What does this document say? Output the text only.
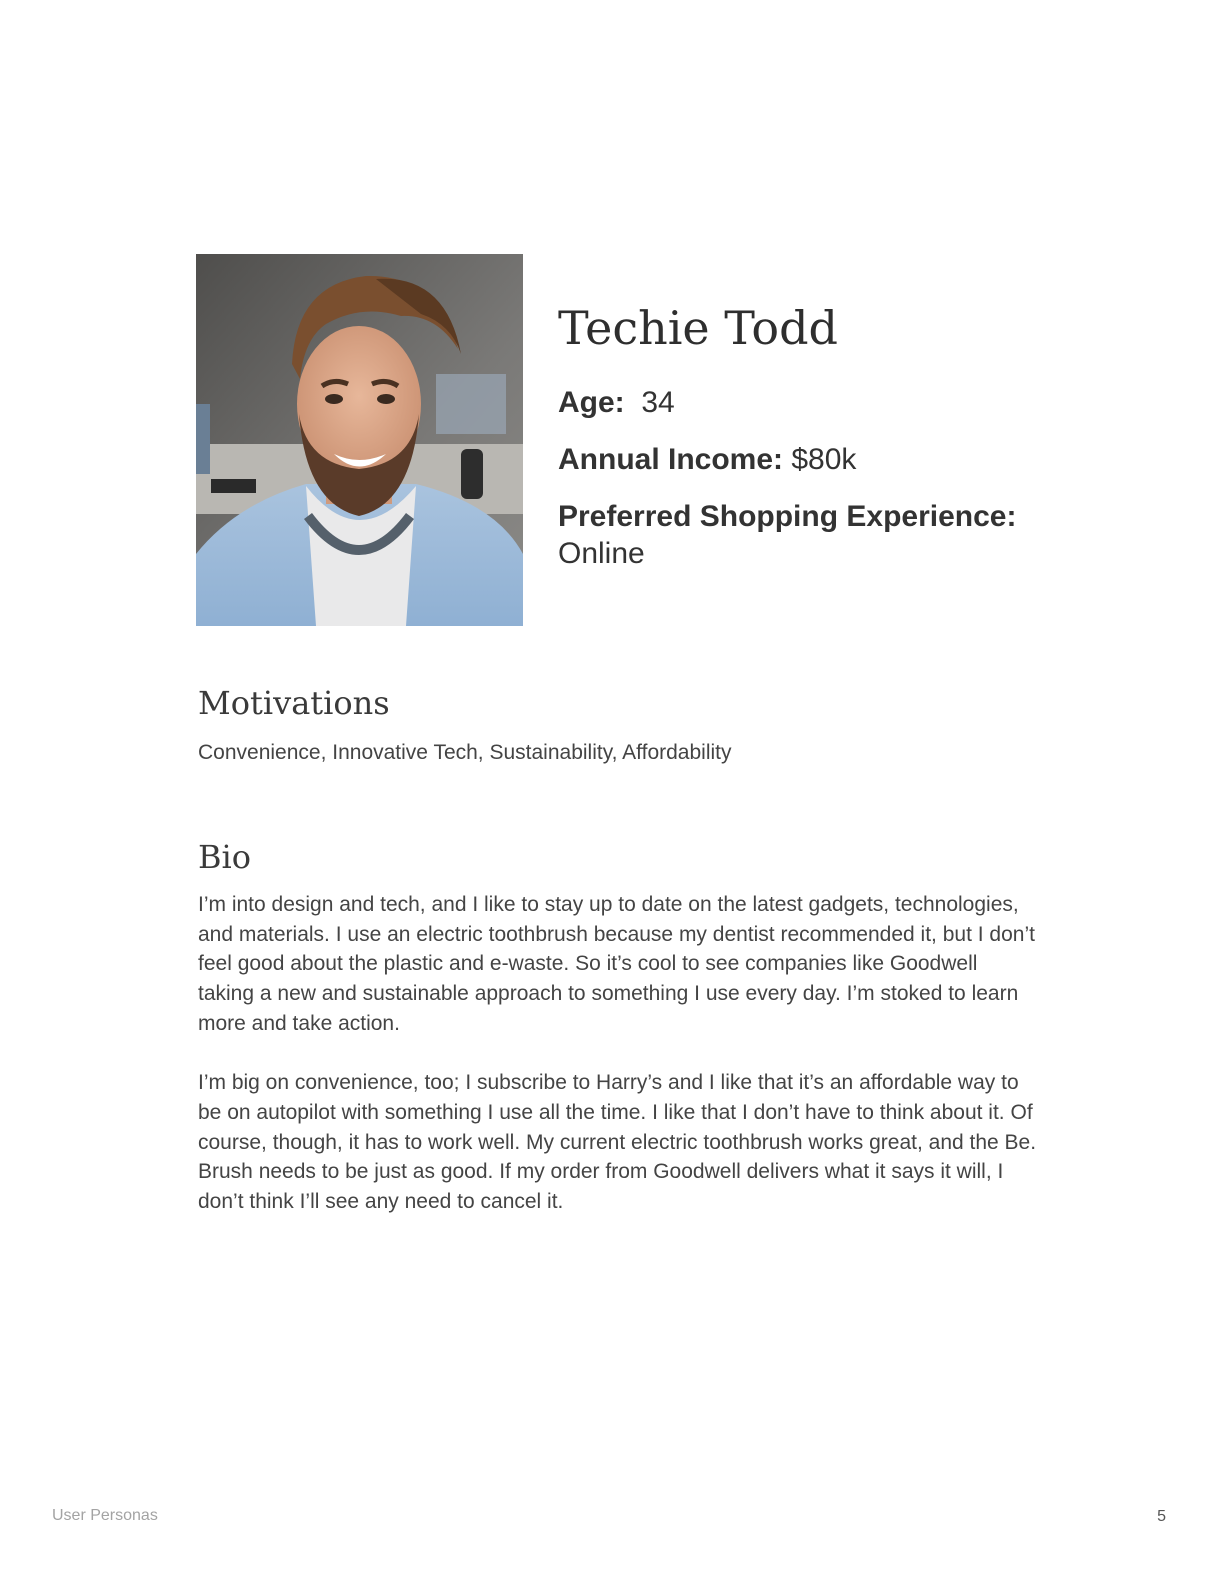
Techie Todd
Age: 34
Annual Income: $80k
Preferred Shopping Experience:
Online
Motivations

Convenience, Innovative Tech, Sustainability, Affordability

Bio

I’m into design and tech, and I like to stay up to date on the latest gadgets, technologies, and materials. I use an electric toothbrush because my dentist recommended it, but I don’t feel good about the plastic and e-waste. So it’s cool to see companies like Goodwell taking a new and sustainable approach to something I use every day. I’m stoked to learn more and take action.

I’m big on convenience, too; I subscribe to Harry’s and I like that it’s an affordable way to be on autopilot with something I use all the time. I like that I don’t have to think about it. Of course, though, it has to work well. My current electric toothbrush works great, and the Be. Brush needs to be just as good. If my order from Goodwell delivers what it says it will, I don’t think I’ll see any need to cancel it.

User Personas	5
